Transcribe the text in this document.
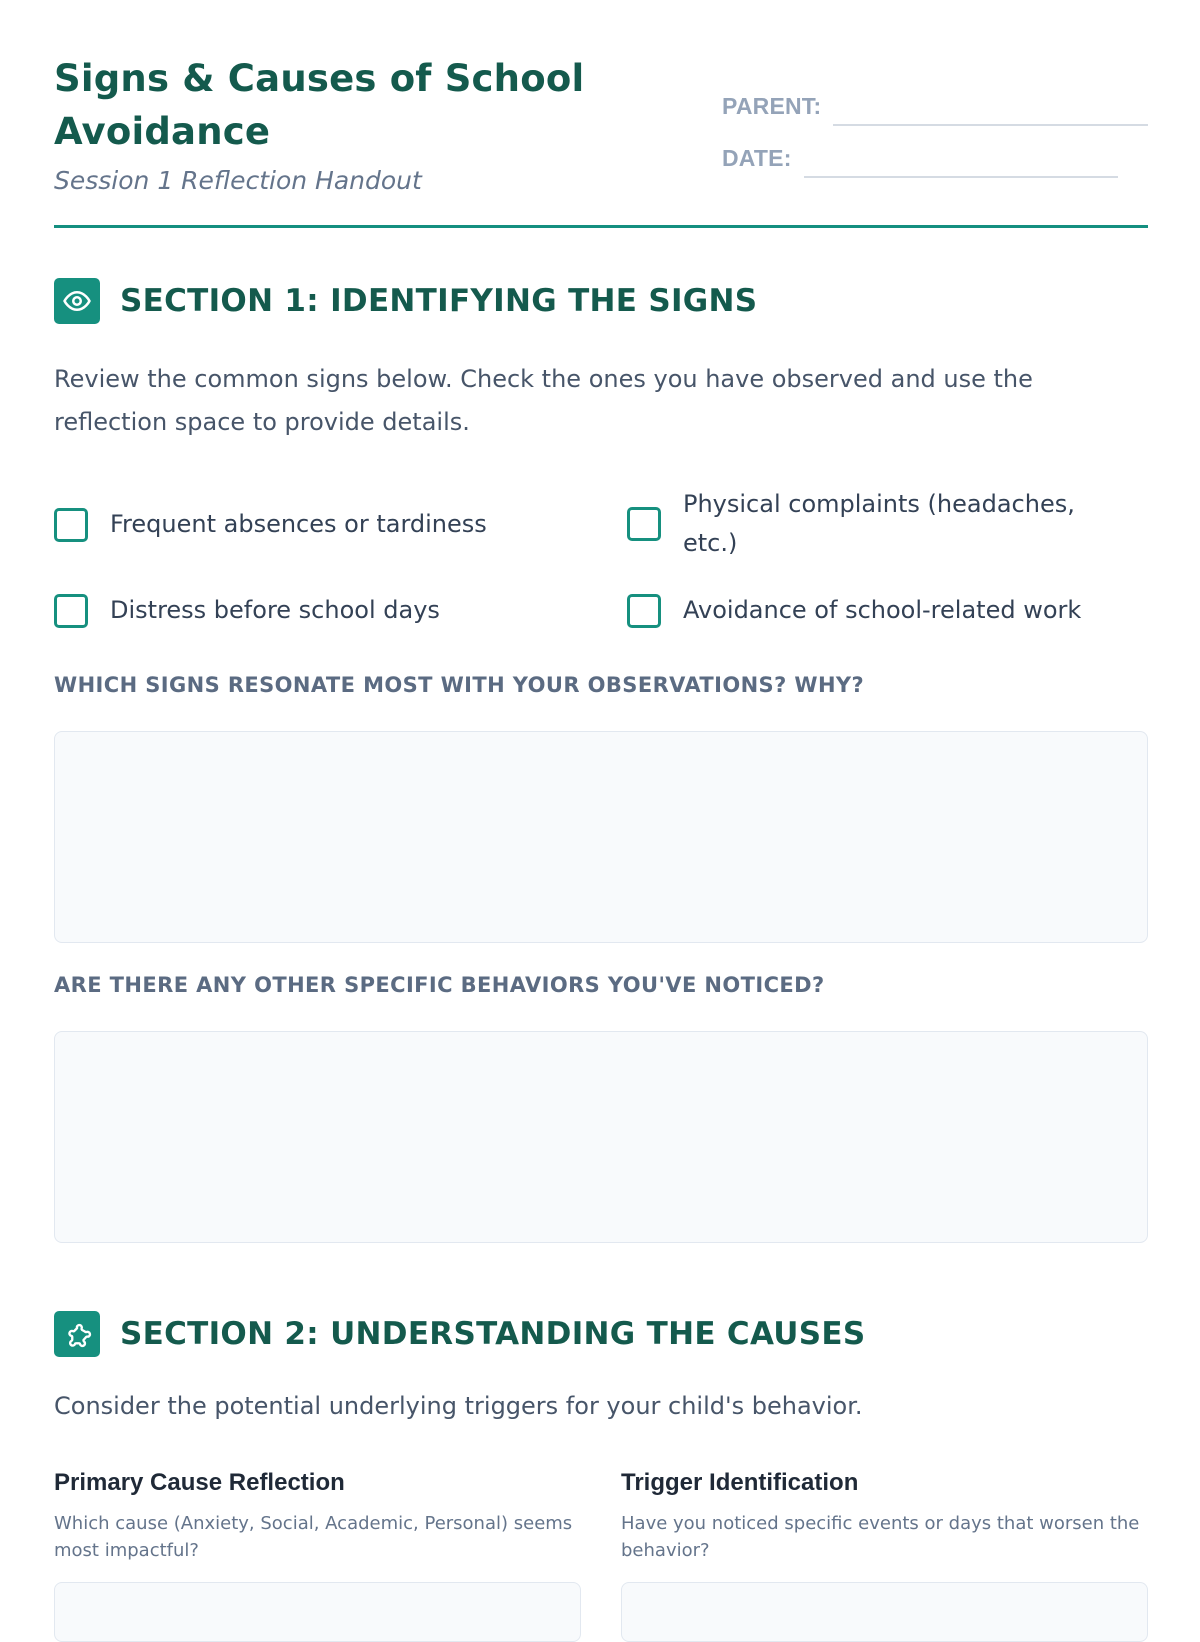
Signs & Causes of School Avoidance

Session 1 Reflection Handout

PARENT:
DATE:
SECTION 1: IDENTIFYING THE SIGNS

Review the common signs below. Check the ones you have observed and use the reflection space to provide details.

Frequent absences or tardiness
Physical complaints (headaches, etc.)
Distress before school days	Avoidance of school-related work

WHICH SIGNS RESONATE MOST WITH YOUR OBSERVATIONS? WHY?

ARE THERE ANY OTHER SPECIFIC BEHAVIORS YOU'VE NOTICED?

SECTION 2: UNDERSTANDING THE CAUSES

Consider the potential underlying triggers for your child's behavior.

Primary Cause Reflection

Which cause (Anxiety, Social, Academic, Personal) seems most impactful?

Trigger Identification

Have you noticed specific events or days that worsen the behavior?
